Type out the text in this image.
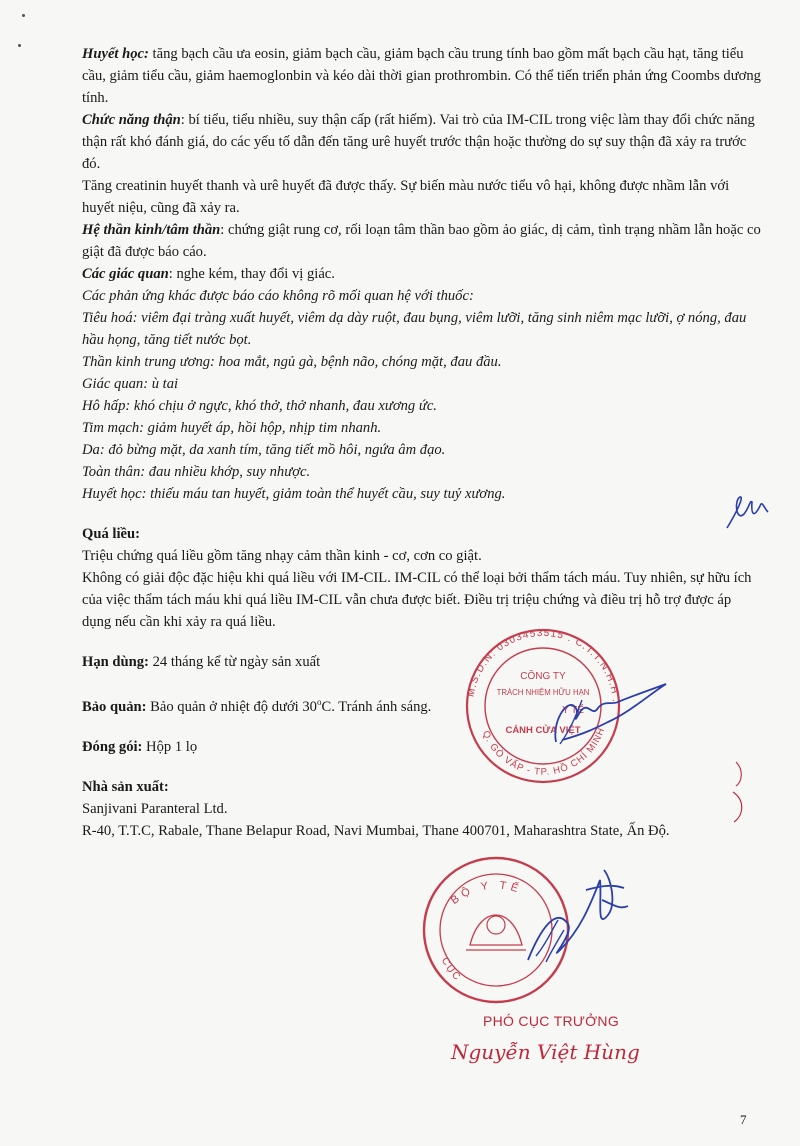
Huyết học: tăng bạch cầu ưa eosin, giảm bạch cầu, giảm bạch cầu trung tính bao gồm mất bạch cầu hạt, tăng tiểu cầu, giảm tiểu cầu, giảm haemoglonbin và kéo dài thời gian prothrombin. Có thể tiến triển phản ứng Coombs dương tính.

Chức năng thận: bí tiểu, tiểu nhiều, suy thận cấp (rất hiếm). Vai trò của IM-CIL trong việc làm thay đổi chức năng thận rất khó đánh giá, do các yếu tố dẫn đến tăng urê huyết trước thận hoặc thường do sự suy thận đã xảy ra trước đó.

Tăng creatinin huyết thanh và urê huyết đã được thấy. Sự biến màu nước tiểu vô hại, không được nhầm lẫn với huyết niệu, cũng đã xảy ra.

Hệ thần kinh/tâm thần: chứng giật rung cơ, rối loạn tâm thần bao gồm ảo giác, dị cảm, tình trạng nhầm lẫn hoặc co giật đã được báo cáo.

Các giác quan: nghe kém, thay đổi vị giác.

Các phản ứng khác được báo cáo không rõ mối quan hệ với thuốc:

Tiêu hoá: viêm đại tràng xuất huyết, viêm dạ dày ruột, đau bụng, viêm lưỡi, tăng sinh niêm mạc lưỡi, ợ nóng, đau hầu họng, tăng tiết nước bọt.

Thần kinh trung ương: hoa mắt, ngủ gà, bệnh não, chóng mặt, đau đầu.

Giác quan: ù tai

Hô hấp: khó chịu ở ngực, khó thở, thở nhanh, đau xương ức.

Tim mạch: giảm huyết áp, hồi hộp, nhịp tim nhanh.

Da: đỏ bừng mặt, da xanh tím, tăng tiết mồ hôi, ngứa âm đạo.

Toàn thân: đau nhiều khớp, suy nhược.

Huyết học: thiếu máu tan huyết, giảm toàn thể huyết cầu, suy tuỷ xương.

Quá liều:

Triệu chứng quá liều gồm tăng nhạy cảm thần kinh - cơ, cơn co giật.

Không có giải độc đặc hiệu khi quá liều với IM-CIL. IM-CIL có thể loại bởi thẩm tách máu. Tuy nhiên, sự hữu ích của việc thẩm tách máu khi quá liều IM-CIL vẫn chưa được biết. Điều trị triệu chứng và điều trị hỗ trợ được áp dụng nếu cần khi xảy ra quá liều.

Hạn dùng: 24 tháng kể từ ngày sản xuất

Bảo quản: Bảo quản ở nhiệt độ dưới 30$^o$C. Tránh ánh sáng.

Đóng gói: Hộp 1 lọ

Nhà sản xuất:

Sanjivani Paranteral Ltd.

R-40, T.T.C, Rabale, Thane Belapur Road, Navi Mumbai, Thane 400701, Maharashtra State, Ấn Độ.

M.S.D.N: 0303453515 . C.T.T.N.H.H .
Q. GÒ VẤP - TP. HỒ CHÍ MINH
CÔNG TY
TRÁCH NHIỆM HỮU HẠN
Y TẾ
CÁNH CỬA VIỆT
BỘ Y TẾ
CỤC
PHÓ CỤC TRƯỞNG
Nguyễn Việt Hùng
7
